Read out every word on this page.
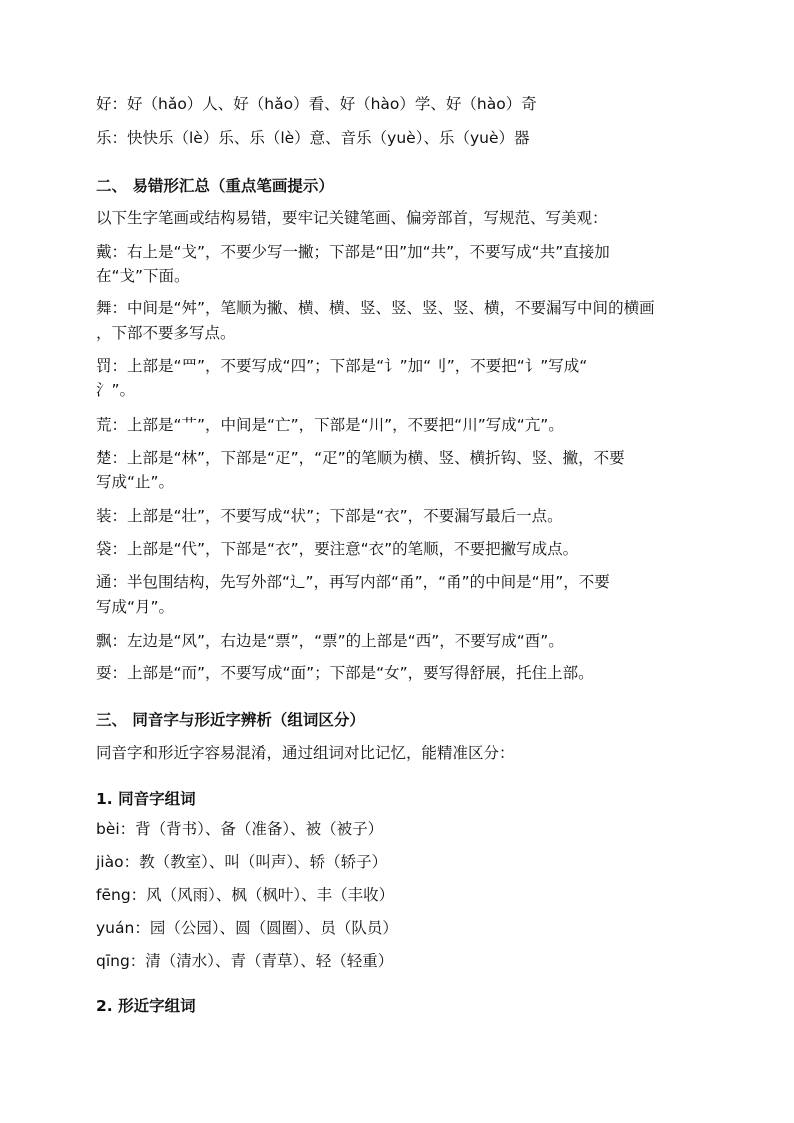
好：好（hǎo）人、好（hǎo）看、好（hào）学、好（hào）奇
乐：快快乐（lè）乐、乐（lè）意、音乐（yuè）、乐（yuè）器
二、 易错形汇总（重点笔画提示）
以下生字笔画或结构易错，要牢记关键笔画、偏旁部首，写规范、写美观：
戴：右上是“戈”，不要少写一撇；下部是“田”加“共”，不要写成“共”直接加
在“戈”下面。
舞：中间是“舛”，笔顺为撇、横、横、竖、竖、竖、竖、横，不要漏写中间的横画
，下部不要多写点。
罚：上部是“罒”，不要写成“四”；下部是“讠”加“刂”，不要把“讠”写成“
氵”。
荒：上部是“艹”，中间是“亡”，下部是“川”，不要把“川”写成“亢”。
楚：上部是“林”，下部是“疋”，“疋”的笔顺为横、竖、横折钩、竖、撇，不要
写成“止”。
装：上部是“壮”，不要写成“状”；下部是“衣”，不要漏写最后一点。
袋：上部是“代”，下部是“衣”，要注意“衣”的笔顺，不要把撇写成点。
通：半包围结构，先写外部“辶”，再写内部“甬”，“甬”的中间是“用”，不要
写成“月”。
飘：左边是“风”，右边是“票”，“票”的上部是“西”，不要写成“酉”。
耍：上部是“而”，不要写成“面”；下部是“女”，要写得舒展，托住上部。
三、 同音字与形近字辨析（组词区分）
同音字和形近字容易混淆，通过组词对比记忆，能精准区分：
1. 同音字组词
bèi：背（背书）、备（准备）、被（被子）
jiào：教（教室）、叫（叫声）、轿（轿子）
fēng：风（风雨）、枫（枫叶）、丰（丰收）
yuán：园（公园）、圆（圆圈）、员（队员）
qīng：清（清水）、青（青草）、轻（轻重）
2. 形近字组词
